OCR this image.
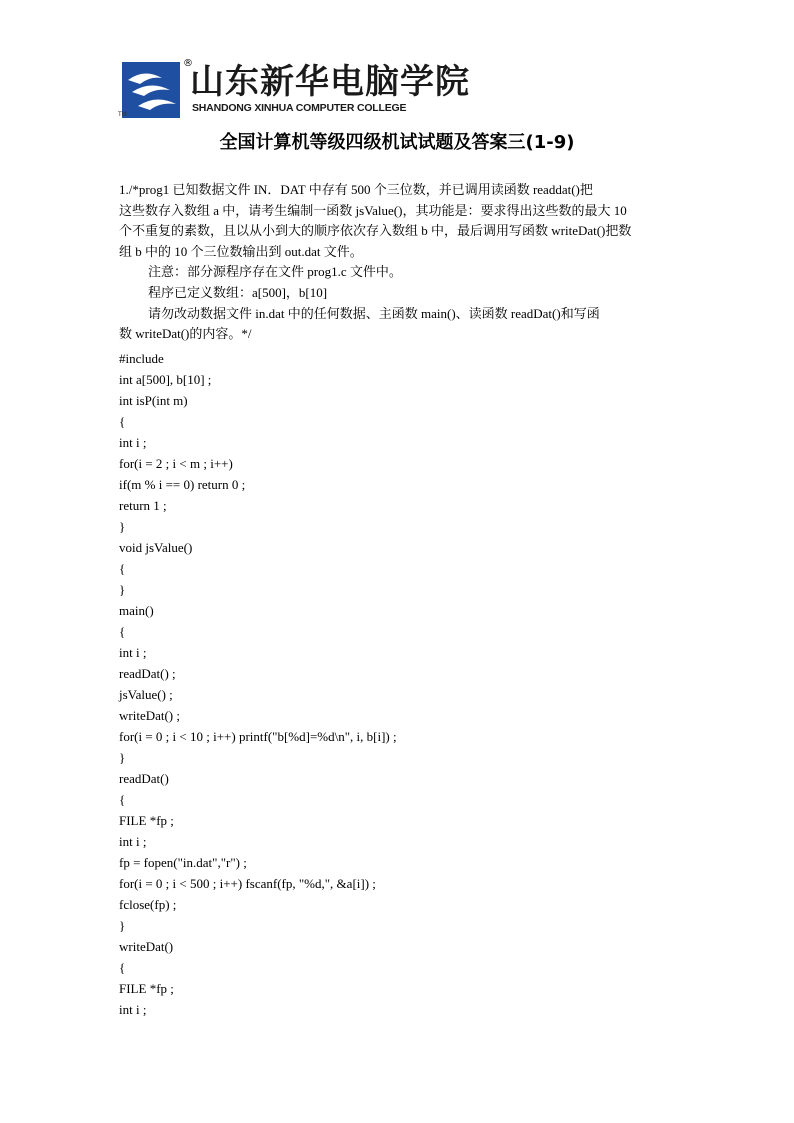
®
山东新华电脑学院
SHANDONG XINHUA COMPUTER COLLEGE
TM
全国计算机等级四级机试试题及答案三(1-9)
1./*prog1 已知数据文件 IN．DAT 中存有 500 个三位数，并已调用读函数 readdat()把
这些数存入数组 a 中，请考生编制一函数 jsValue()，其功能是：要求得出这些数的最大 10
个不重复的素数，且以从小到大的顺序依次存入数组 b 中，最后调用写函数 writeDat()把数
组 b 中的 10 个三位数输出到 out.dat 文件。
注意：部分源程序存在文件 prog1.c 文件中。
程序已定义数组：a[500]，b[10]
请勿改动数据文件 in.dat 中的任何数据、主函数 main()、读函数 readDat()和写函
数 writeDat()的内容。*/
#include
int a[500], b[10] ;
int isP(int m)
{
int i ;
for(i = 2 ; i < m ; i++)
if(m % i == 0) return 0 ;
return 1 ;
}
void jsValue()
{
}
main()
{
int i ;
readDat() ;
jsValue() ;
writeDat() ;
for(i = 0 ; i < 10 ; i++) printf("b[%d]=%d\n", i, b[i]) ;
}
readDat()
{
FILE *fp ;
int i ;
fp = fopen("in.dat","r") ;
for(i = 0 ; i < 500 ; i++) fscanf(fp, "%d,", &a[i]) ;
fclose(fp) ;
}
writeDat()
{
FILE *fp ;
int i ;
